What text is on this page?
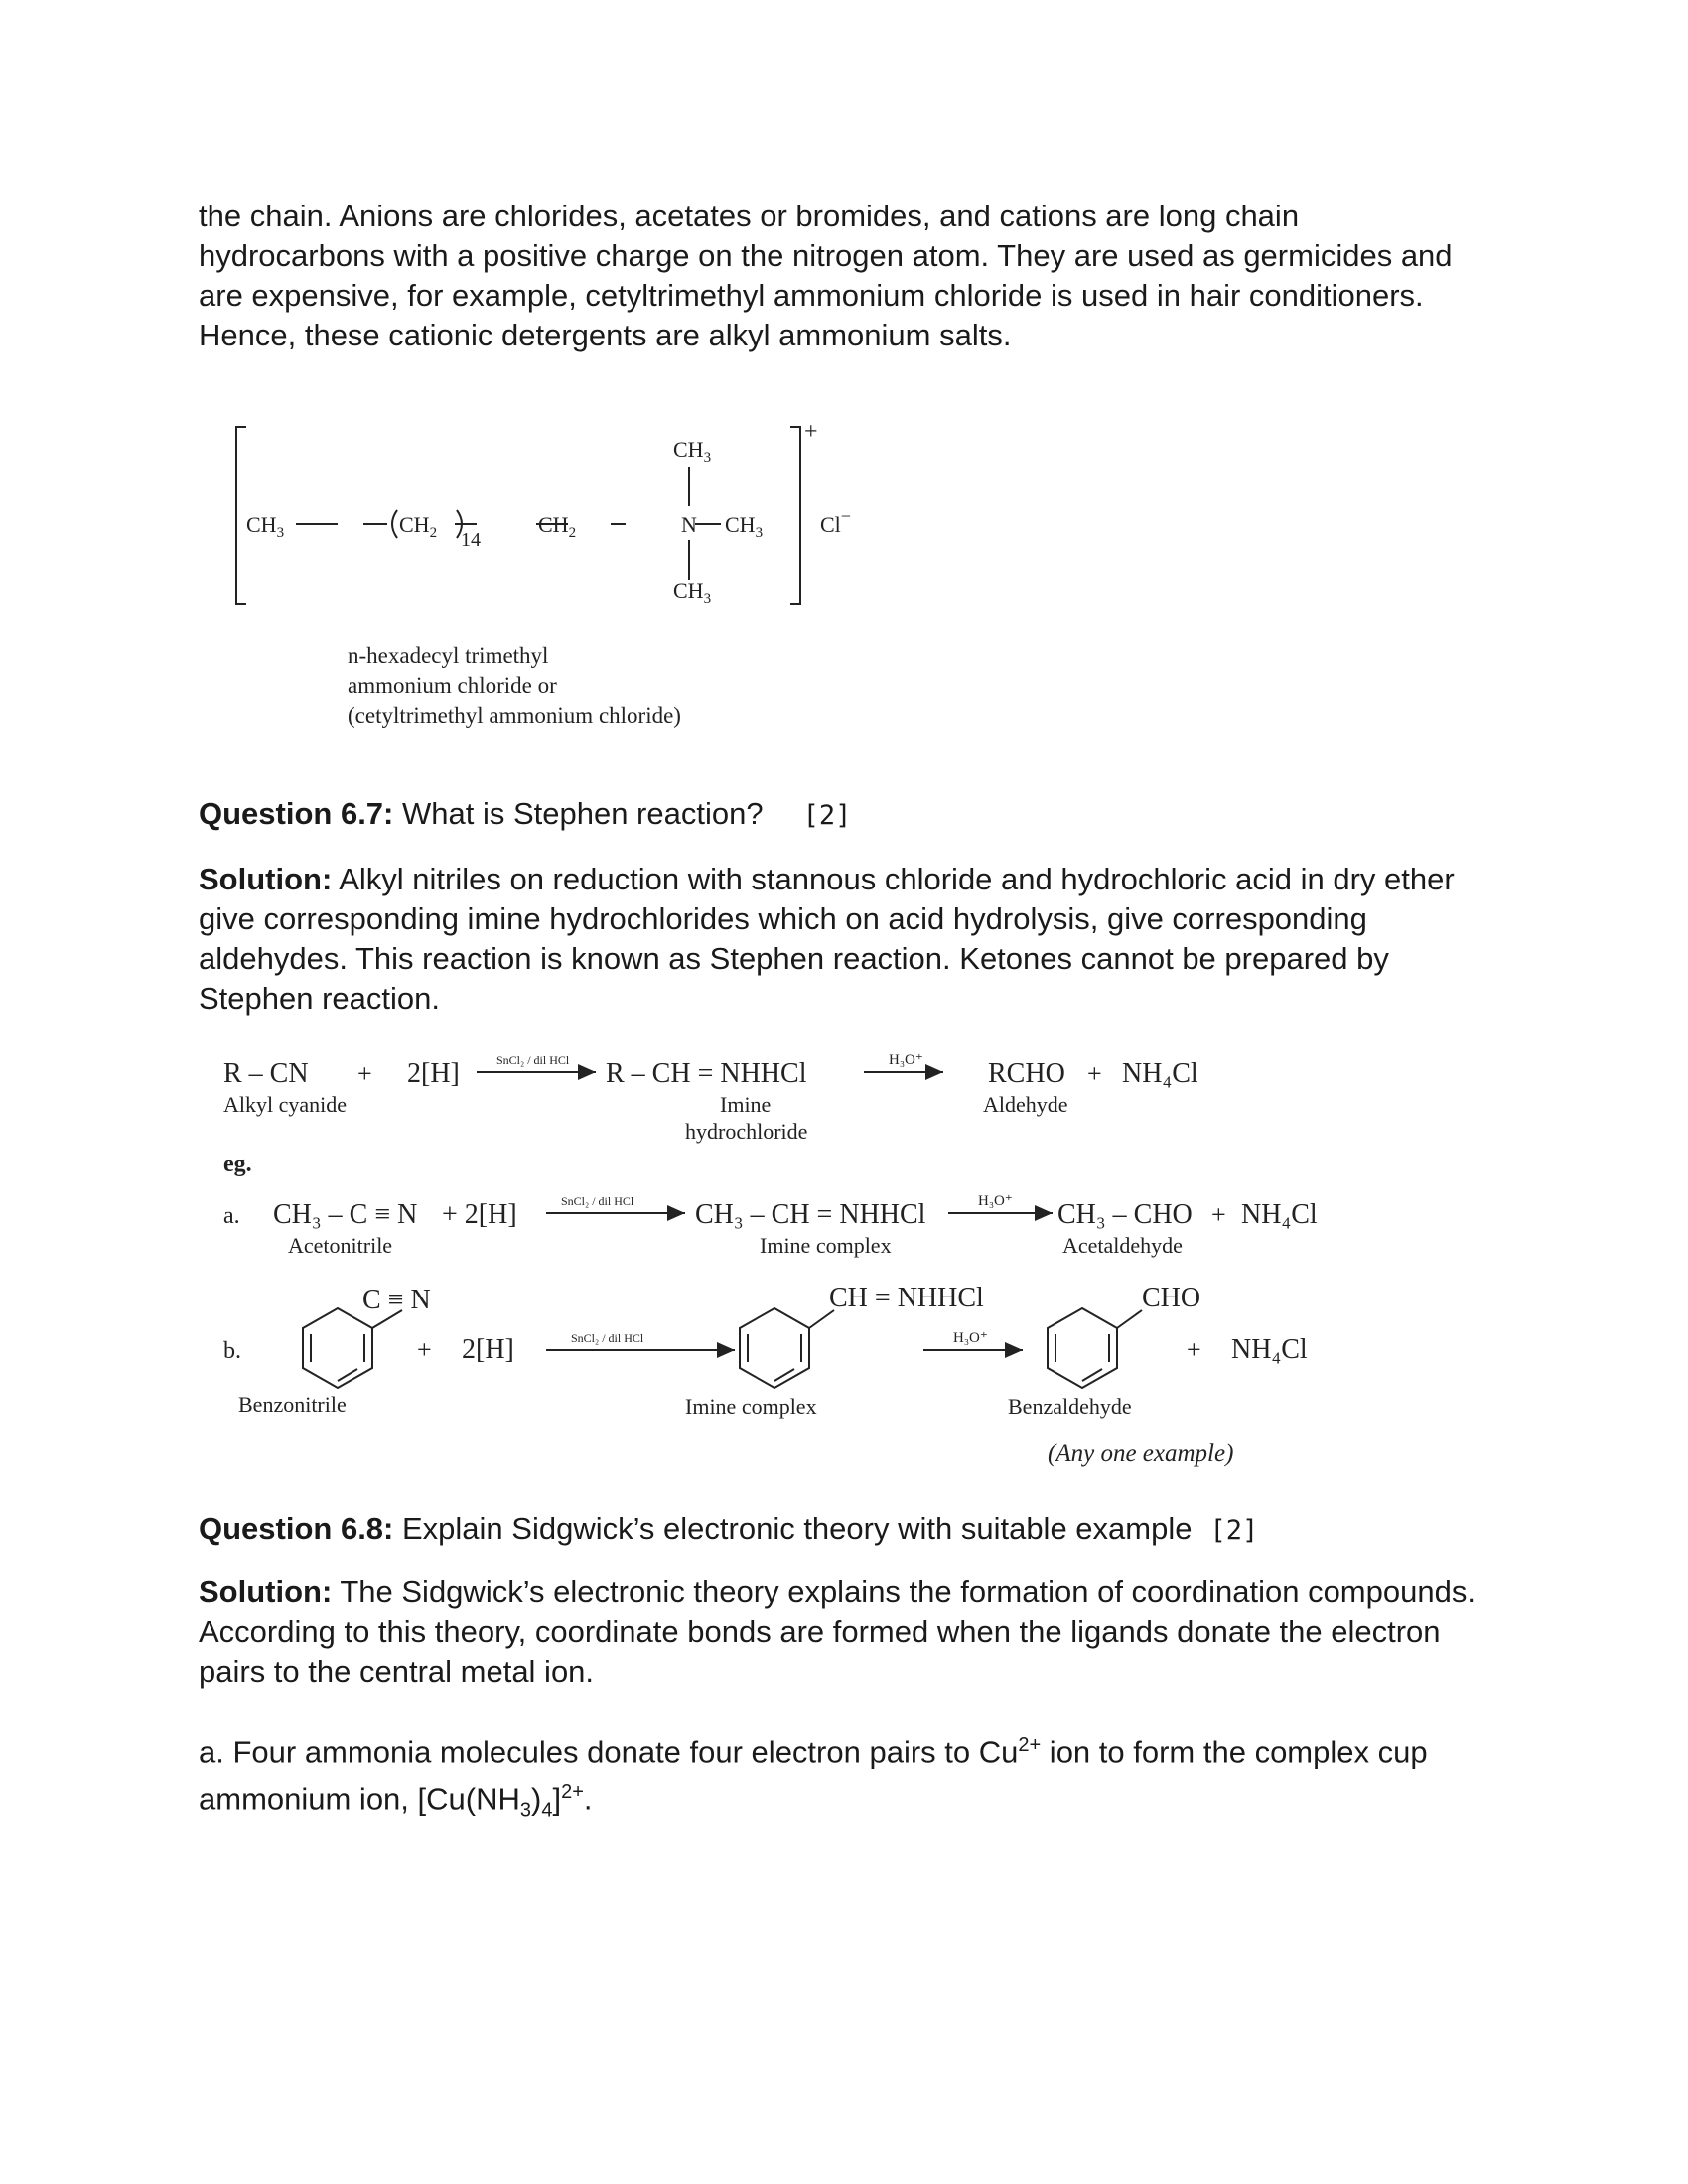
the chain. Anions are chlorides, acetates or bromides, and cations are long chain hydrocarbons with a positive charge on the nitrogen atom. They are used as germicides and are expensive, for example, cetyltrimethyl ammonium chloride is used in hair conditioners. Hence, these cationic detergents are alkyl ammonium salts.

$CH_3$	$CH_2$ 14
$CH_2$	N
$CH_3$
$CH_3$
$CH_3$
+
Cl−
n-hexadecyl trimethyl
ammonium chloride or
(cetyltrimethyl ammonium chloride)

Question 6.7: What is Stephen reaction? [2]

Solution: Alkyl nitriles on reduction with stannous chloride and hydrochloric acid in dry ether give corresponding imine hydrochlorides which on acid hydrolysis, give corresponding aldehydes. This reaction is known as Stephen reaction. Ketones cannot be prepared by Stephen reaction.

R – CN + 2[H]	SnCl₂ / dil HCl R – CH = NHHCl	H₃O⁺ RCHO + NH₄Cl
Alkyl cyanide	Imine
hydrochloride
Aldehyde
eg.
a. CH₃ – C ≡ N + 2[H]	SnCl₂ / dil HCl CH₃ – CH = NHHCl	H₃O⁺ CH₃ – CHO + NH₄Cl
Acetonitrile	Imine complex	Acetaldehyde
b.
C ≡ N
+ 2[H]	SnCl₂ / dil HCl
CH = NHHCl
H₃O⁺
CHO
+ NH₄Cl
Benzonitrile	Imine complex	Benzaldehyde
(Any one example)

Question 6.8: Explain Sidgwick’s electronic theory with suitable example [2]

Solution: The Sidgwick’s electronic theory explains the formation of coordination compounds. According to this theory, coordinate bonds are formed when the ligands donate the electron pairs to the central metal ion.

a. Four ammonia molecules donate four electron pairs to $Cu^{2+}$ ion to form the complex cup ammonium ion, $[Cu(NH_3)_4]^{2+}$.
